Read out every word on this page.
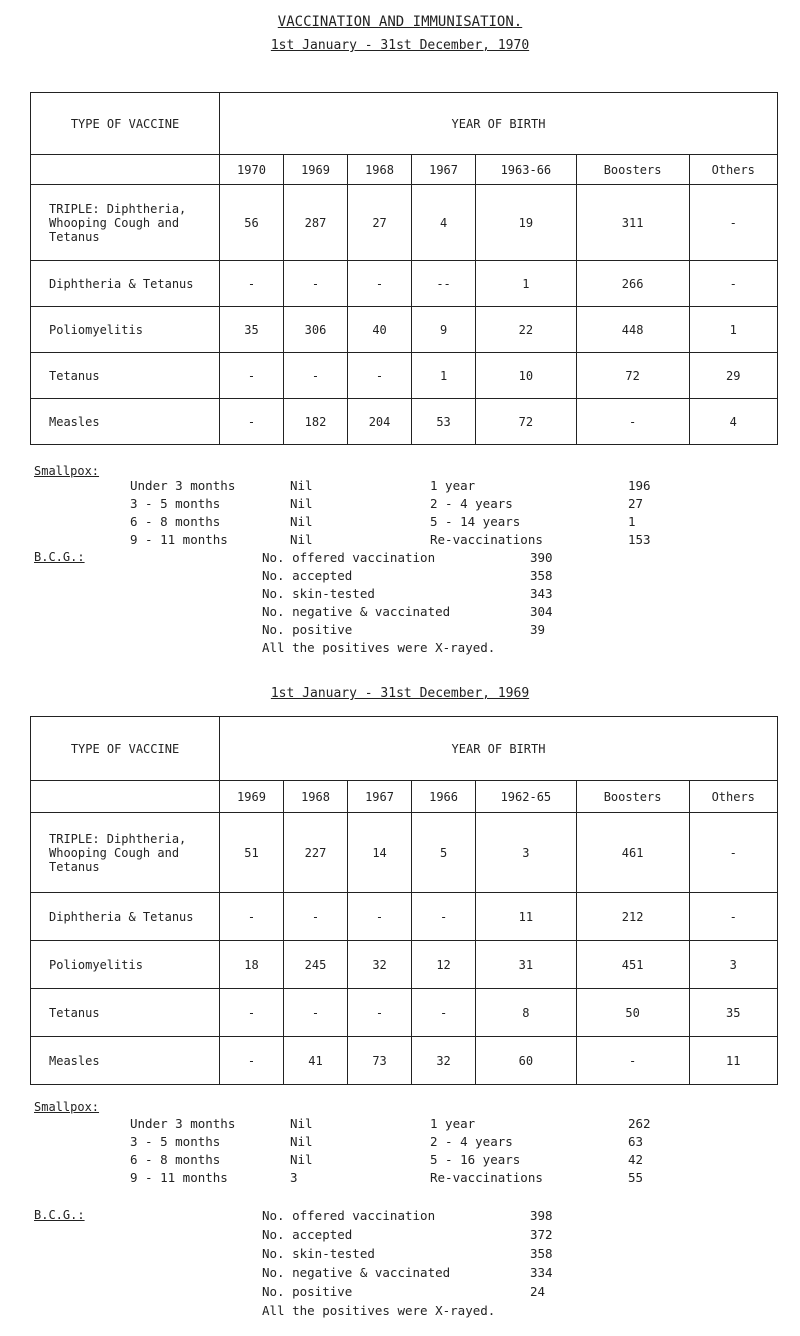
VACCINATION AND IMMUNISATION.
1st January - 31st December, 1970
TYPE OF VACCINE	YEAR OF BIRTH						
	1970	1969	1968	1967	1963-66	Boosters	Others
TRIPLE: Diphtheria, Whooping Cough and Tetanus	56	287	27	4	19	311	-
Diphtheria & Tetanus	-	-	-	--	1	266	-
Poliomyelitis	35	306	40	9	22	448	1
Tetanus	-	-	-	1	10	72	29
Measles	-	182	204	53	72	-	4
Smallpox:
Under 3 months	Nil	1 year	196
3 - 5 months	Nil	2 - 4 years	27
6 - 8 months	Nil	5 - 14 years	1
9 - 11 months	Nil	Re-vaccinations	153
B.C.G.:	No. offered vaccination	390
No. accepted	358
No. skin-tested	343
No. negative & vaccinated	304
No. positive	39
All the positives were X-rayed.
1st January - 31st December, 1969
TYPE OF VACCINE	YEAR OF BIRTH						
	1969	1968	1967	1966	1962-65	Boosters	Others
TRIPLE: Diphtheria, Whooping Cough and Tetanus	51	227	14	5	3	461	-
Diphtheria & Tetanus	-	-	-	-	11	212	-
Poliomyelitis	18	245	32	12	31	451	3
Tetanus	-	-	-	-	8	50	35
Measles	-	41	73	32	60	-	11
Smallpox:
Under 3 months	Nil	1 year	262
3 - 5 months	Nil	2 - 4 years	63
6 - 8 months	Nil	5 - 16 years	42
9 - 11 months	3	Re-vaccinations	55
B.C.G.:	No. offered vaccination	398
No. accepted	372
No. skin-tested	358
No. negative & vaccinated	334
No. positive	24
All the positives were X-rayed.
